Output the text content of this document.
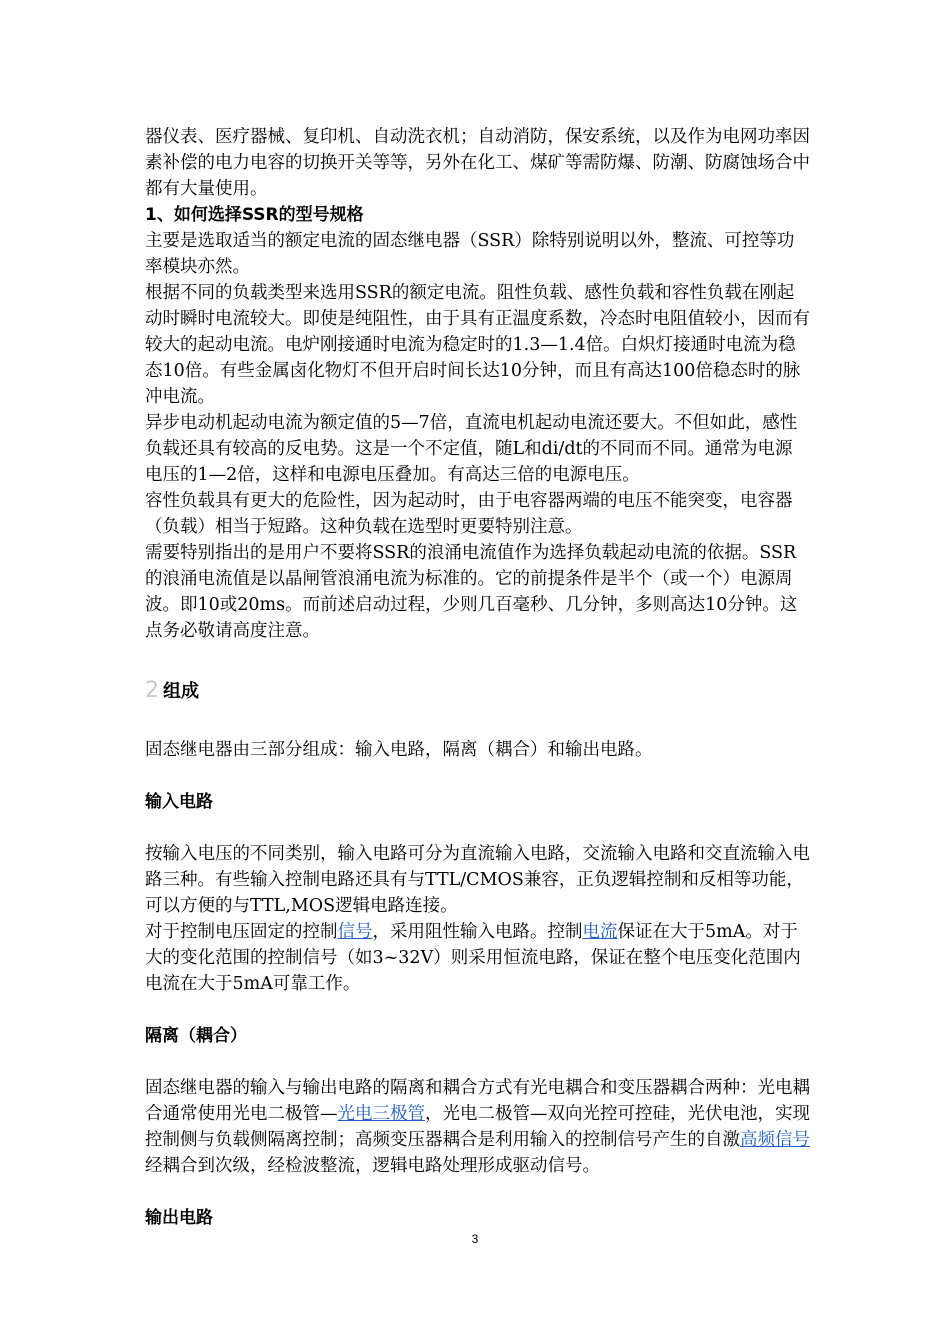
器仪表、医疗器械、复印机、自动洗衣机；自动消防，保安系统，以及作为电网功率因素补偿的电力电容的切换开关等等，另外在化工、煤矿等需防爆、防潮、防腐蚀场合中都有大量使用。

1、如何选择SSR的型号规格

主要是选取适当的额定电流的固态继电器（SSR）除特别说明以外，整流、可控等功率模块亦然。

根据不同的负载类型来选用SSR的额定电流。阻性负载、感性负载和容性负载在刚起动时瞬时电流较大。即使是纯阻性，由于具有正温度系数，冷态时电阻值较小，因而有较大的起动电流。电炉刚接通时电流为稳定时的1.3—1.4倍。白炽灯接通时电流为稳态10倍。有些金属卤化物灯不但开启时间长达10分钟，而且有高达100倍稳态时的脉冲电流。

异步电动机起动电流为额定值的5—7倍，直流电机起动电流还要大。不但如此，感性负载还具有较高的反电势。这是一个不定值，随L和di/dt的不同而不同。通常为电源电压的1—2倍，这样和电源电压叠加。有高达三倍的电源电压。

容性负载具有更大的危险性，因为起动时，由于电容器两端的电压不能突变，电容器（负载）相当于短路。这种负载在选型时更要特别注意。

需要特别指出的是用户不要将SSR的浪涌电流值作为选择负载起动电流的依据。SSR的浪涌电流值是以晶闸管浪涌电流为标准的。它的前提条件是半个（或一个）电源周波。即10或20ms。而前述启动过程，少则几百毫秒、几分钟，多则高达10分钟。这点务必敬请高度注意。

2 组成

固态继电器由三部分组成：输入电路，隔离（耦合）和输出电路。

输入电路

按输入电压的不同类别，输入电路可分为直流输入电路，交流输入电路和交直流输入电路三种。有些输入控制电路还具有与TTL/CMOS兼容，正负逻辑控制和反相等功能，可以方便的与TTL,MOS逻辑电路连接。

对于控制电压固定的控制信号，采用阻性输入电路。控制电流保证在大于5mA。对于大的变化范围的控制信号（如3~32V）则采用恒流电路，保证在整个电压变化范围内电流在大于5mA可靠工作。

隔离（耦合）

固态继电器的输入与输出电路的隔离和耦合方式有光电耦合和变压器耦合两种：光电耦合通常使用光电二极管—光电三极管，光电二极管—双向光控可控硅，光伏电池，实现控制侧与负载侧隔离控制；高频变压器耦合是利用输入的控制信号产生的自激高频信号经耦合到次级，经检波整流，逻辑电路处理形成驱动信号。

输出电路

3
